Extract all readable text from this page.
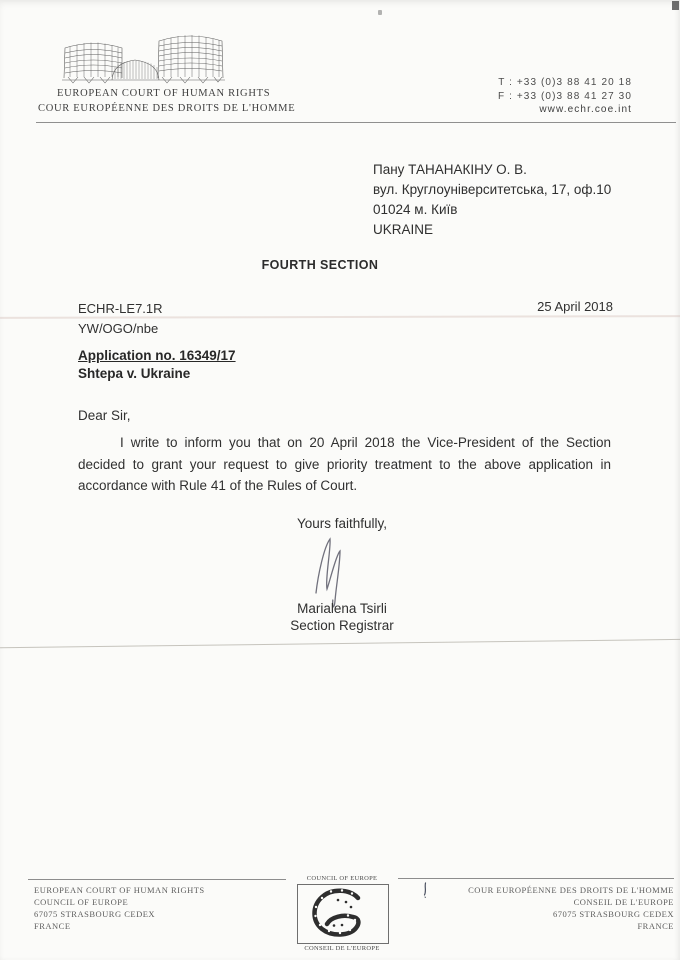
EUROPEAN COURT OF HUMAN RIGHTS
COUR EUROPÉENNE DES DROITS DE L'HOMME
T : +33 (0)3 88 41 20 18
F : +33 (0)3 88 41 27 30
www.echr.coe.int
Пану ТАНАНАКІНУ О. В.
вул. Круглоуніверситетська, 17, оф.10
01024 м. Київ
UKRAINE
FOURTH SECTION
ECHR-LE7.1R
YW/OGO/nbe
25 April 2018
Application no. 16349/17
Shtepa v. Ukraine
Dear Sir,
I write to inform you that on 20 April 2018 the Vice-President of the Section decided to grant your request to give priority treatment to the above application in accordance with Rule 41 of the Rules of Court.
Yours faithfully,
Marialena Tsirli
Section Registrar
EUROPEAN COURT OF HUMAN RIGHTS
COUNCIL OF EUROPE
67075 STRASBOURG CEDEX
FRANCE
COUNCIL OF EUROPE
CONSEIL DE L'EUROPE
COUR EUROPÉENNE DES DROITS DE L'HOMME
CONSEIL DE L'EUROPE
67075 STRASBOURG CEDEX
FRANCE
